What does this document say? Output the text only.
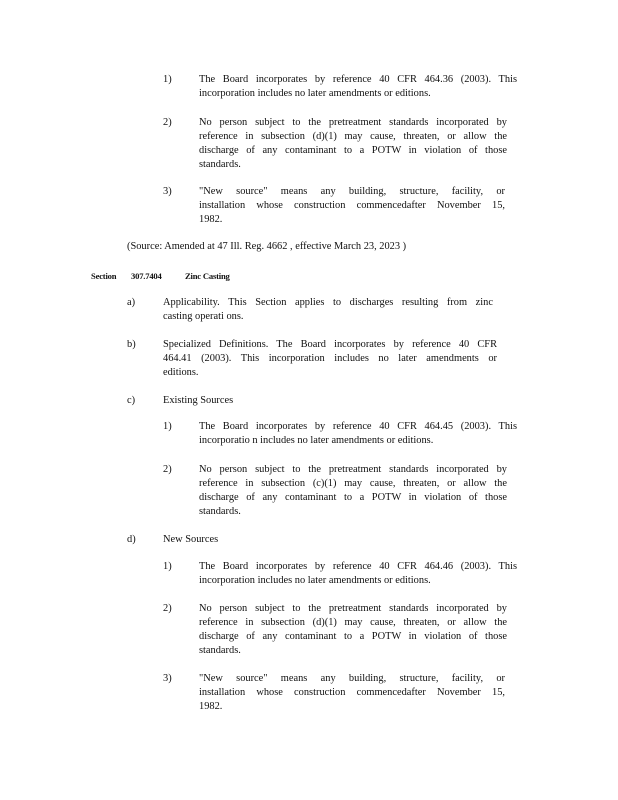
1)	The Board incorporates by reference 40 CFR 464.36 (2003). This
incorporation includes no later amendments or editions.
2)	No person subject to the pretreatment standards incorporated by
reference in subsection (d)(1) may cause, threaten, or allow the
discharge of any contaminant to a POTW in violation of those
standards.
3)	"New source" means any building, structure, facility, or
installation whose construction commencedafter November 15,
1982.
(Source: Amended at 47 Ill. Reg. 4662 , effective March 23, 2023 )
Section 307.7404	Zinc Casting
a)	Applicability. This Section applies to discharges resulting from zinc
casting operati ons.
b)	Specialized Definitions. The Board incorporates by reference 40 CFR
464.41 (2003). This incorporation includes no later amendments or
editions.
c)	Existing Sources
1)	The Board incorporates by reference 40 CFR 464.45 (2003). This
incorporatio n includes no later amendments or editions.
2)	No person subject to the pretreatment standards incorporated by
reference in subsection (c)(1) may cause, threaten, or allow the
discharge of any contaminant to a POTW in violation of those
standards.
d)	New Sources
1)	The Board incorporates by reference 40 CFR 464.46 (2003). This
incorporation includes no later amendments or editions.
2)	No person subject to the pretreatment standards incorporated by
reference in subsection (d)(1) may cause, threaten, or allow the
discharge of any contaminant to a POTW in violation of those
standards.
3)	"New source" means any building, structure, facility, or
installation whose construction commencedafter November 15,
1982.
